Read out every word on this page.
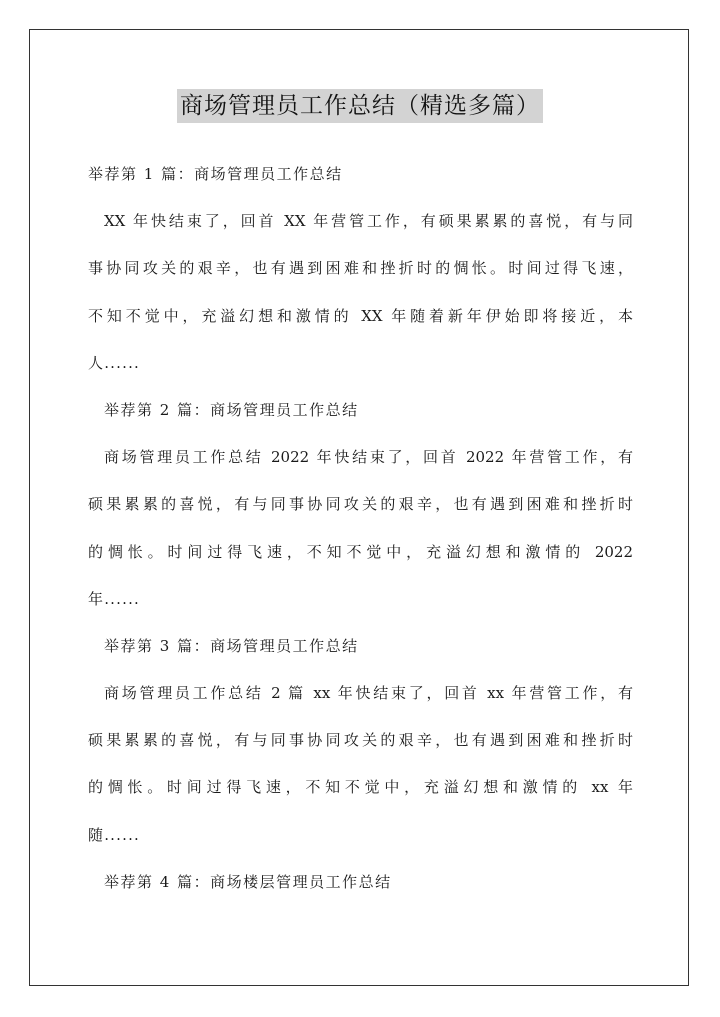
商场管理员工作总结（精选多篇）
举荐第 1 篇：商场管理员工作总结
XX 年快结束了，回首 XX 年营管工作，有硕果累累的喜悦，有与同
事协同攻关的艰辛，也有遇到困难和挫折时的惆怅。时间过得飞速，
不知不觉中，充溢幻想和激情的 XX 年随着新年伊始即将接近，本
人......
举荐第 2 篇：商场管理员工作总结
商场管理员工作总结 2022 年快结束了，回首 2022 年营管工作，有
硕果累累的喜悦，有与同事协同攻关的艰辛，也有遇到困难和挫折时
的惆怅。时间过得飞速，不知不觉中，充溢幻想和激情的 2022
年......
举荐第 3 篇：商场管理员工作总结
商场管理员工作总结 2 篇 xx 年快结束了，回首 xx 年营管工作，有
硕果累累的喜悦，有与同事协同攻关的艰辛，也有遇到困难和挫折时
的惆怅。时间过得飞速，不知不觉中，充溢幻想和激情的 xx 年
随......
举荐第 4 篇：商场楼层管理员工作总结
